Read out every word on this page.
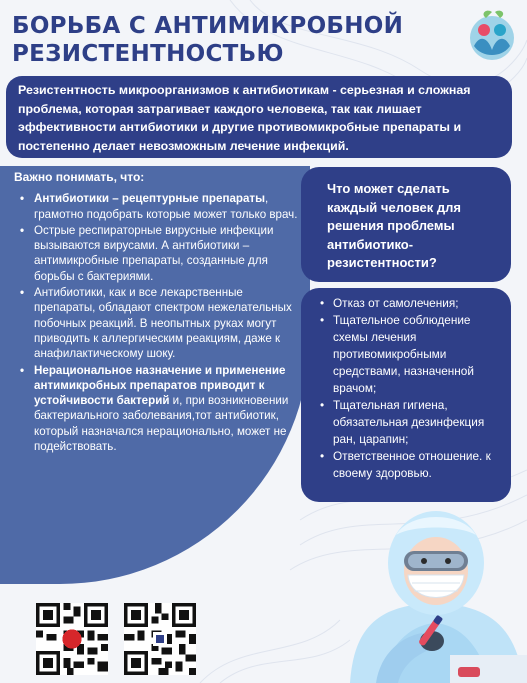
БОРЬБА С АНТИМИКРОБНОЙ РЕЗИСТЕНТНОСТЬЮ
Резистентность микроорганизмов к антибиотикам - серьезная и сложная проблема, которая затрагивает каждого человека, так как лишает эффективности антибиотики и другие противомикробные препараты и постепенно делает невозможным лечение инфекций.
Важно понимать, что:
• Антибиотики – рецептурные препараты, грамотно подобрать которые может только врач.
• Острые респираторные вирусные инфекции вызываются вирусами. А антибиотики – антимикробные препараты, созданные для борьбы с бактериями.
• Антибиотики, как и все лекарственные препараты, обладают спектром нежелательных побочных реакций. В неопытных руках могут приводить к аллергическим реакциям, даже к анафилактическому шоку.
• Нерациональное назначение и применение антимикробных препаратов приводит к устойчивости бактерий и, при возникновении бактериального заболевания,тот антибиотик, который назначался нерационально, может не подействовать.
Что может сделать каждый человек для решения проблемы антибиотико-резистентности?
• Отказ от самолечения;
• Тщательное соблюдение схемы лечения противомикробными средствами, назначенной врачом;
• Тщательная гигиена, обязательная дезинфекция ран, царапин;
• Ответственное отношение. к своему здоровью.
